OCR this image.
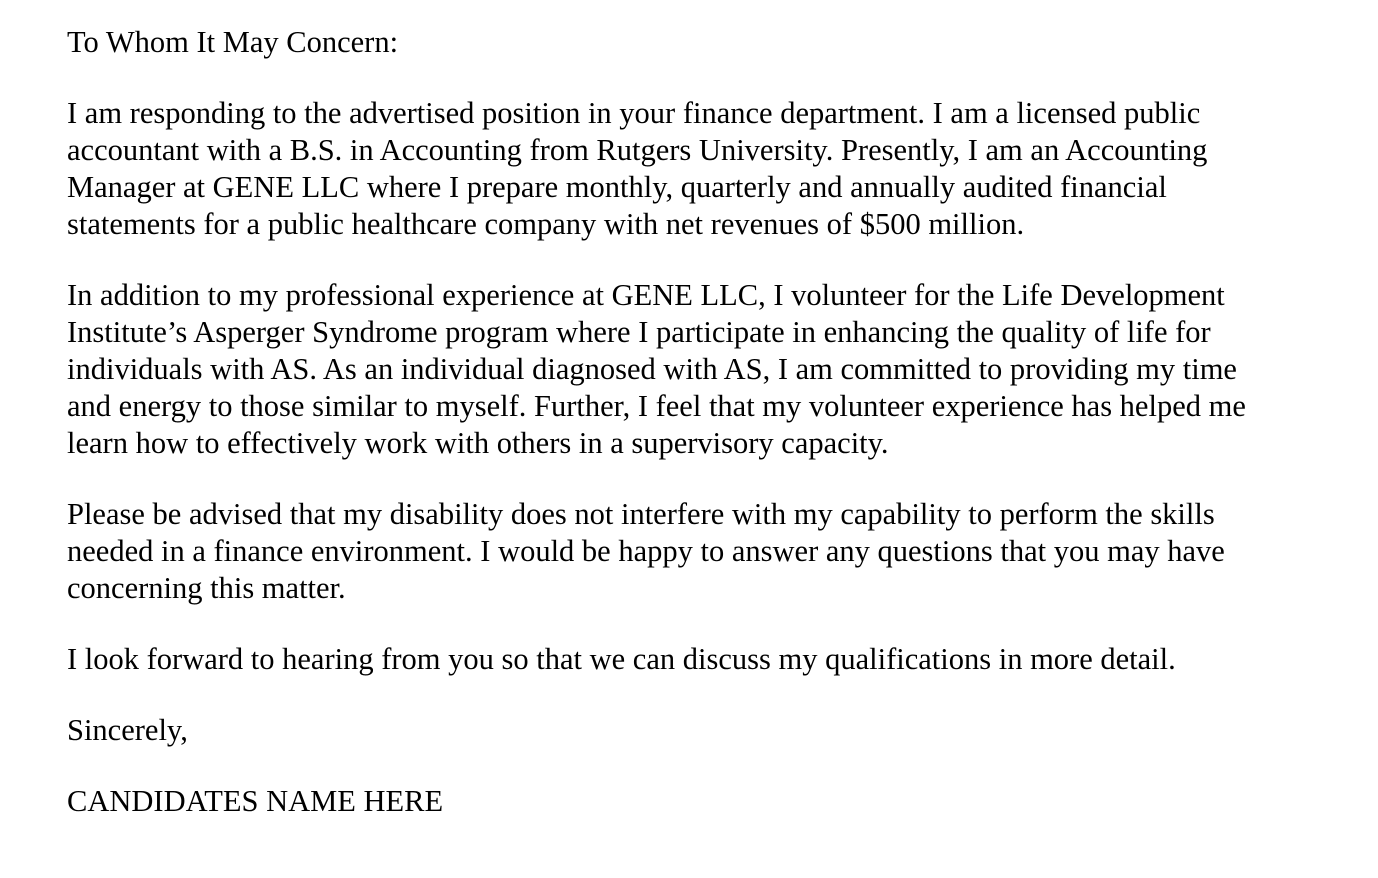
To Whom It May Concern:
I am responding to the advertised position in your finance department. I am a licensed public
accountant with a B.S. in Accounting from Rutgers University. Presently, I am an Accounting
Manager at GENE LLC where I prepare monthly, quarterly and annually audited financial
statements for a public healthcare company with net revenues of $500 million.
In addition to my professional experience at GENE LLC, I volunteer for the Life Development
Institute’s Asperger Syndrome program where I participate in enhancing the quality of life for
individuals with AS. As an individual diagnosed with AS, I am committed to providing my time
and energy to those similar to myself. Further, I feel that my volunteer experience has helped me
learn how to effectively work with others in a supervisory capacity.
Please be advised that my disability does not interfere with my capability to perform the skills
needed in a finance environment. I would be happy to answer any questions that you may have
concerning this matter.
I look forward to hearing from you so that we can discuss my qualifications in more detail.
Sincerely,
CANDIDATES NAME HERE
